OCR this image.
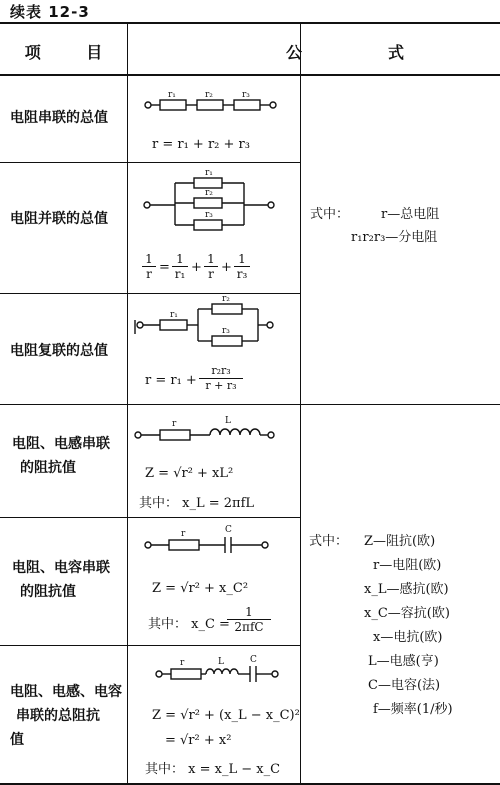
续表 12-3
项 目	公	式
电阻串联的总值
r₁	r₂	r₃
r = r₁ + r₂ + r₃
电阻并联的总值
r₁
r₂
r₃
$\frac{1}{r} = \frac{1}{\text{r₁}} + \frac{1}{r} + \frac{1}{\text{r₃}}$
电阻复联的总值
r₁
r₂
r₃
$r = r_1 + \frac{\text{r₂r₃}}{\text{r + r₃}}$
式中： r—总电阻
r₁r₂r₃—分电阻
电阻、电感串联
的阻抗值
r	L
Z = √r² + xL²
其中： x_L = 2πfL
电阻、电容串联
的阻抗值
r	C
Z = √r² + x_C²
其中： x_C =
1
2πfC
电阻、电感、电容
串联的总阻抗
值
r	L	C
Z = √r² + (x_L − x_C)²
= √r² + x²
其中： x = x_L − x_C
式中： Z—阻抗(欧)
r—电阻(欧)
x_L—感抗(欧)
x_C—容抗(欧)
x—电抗(欧)
L—电感(亨)
C—电容(法)
f—频率(1/秒)
